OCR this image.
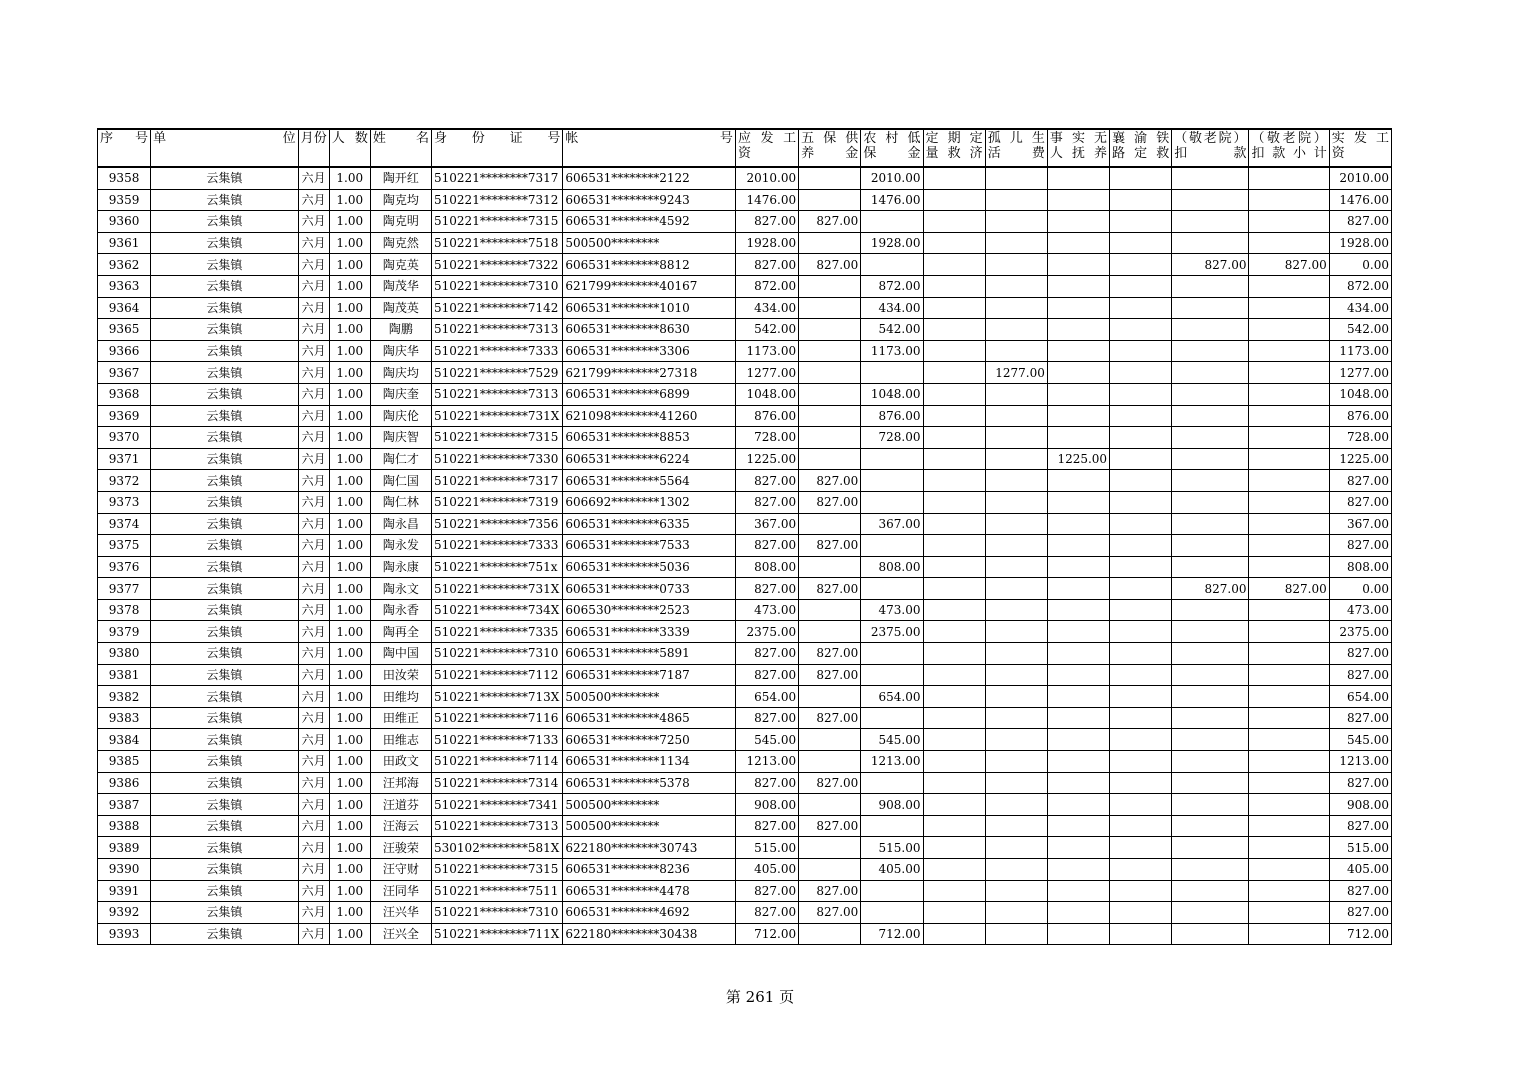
序 号	单 位	月份	人 数	姓 名	身 份 证 号	帐 号	应 发 工 资	五 保 供 养 金	农 村 低 保 金	定 期 定 量 救 济	孤 儿 生 活 费	事 实 无 人 抚 养	襄 渝 铁 路 定 救	（敬老院）扣 款	（敬老院）扣 款 小 计	实 发 工 资
9358	云集镇	六月	1.00	陶开红	510221********7317	606531********2122	2010.00		2010.00							2010.00
9359	云集镇	六月	1.00	陶克均	510221********7312	606531********9243	1476.00		1476.00							1476.00
9360	云集镇	六月	1.00	陶克明	510221********7315	606531********4592	827.00	827.00								827.00
9361	云集镇	六月	1.00	陶克然	510221********7518	500500********	1928.00		1928.00							1928.00
9362	云集镇	六月	1.00	陶克英	510221********7322	606531********8812	827.00	827.00						827.00	827.00	0.00
9363	云集镇	六月	1.00	陶茂华	510221********7310	621799********40167	872.00		872.00							872.00
9364	云集镇	六月	1.00	陶茂英	510221********7142	606531********1010	434.00		434.00							434.00
9365	云集镇	六月	1.00	陶鹏	510221********7313	606531********8630	542.00		542.00							542.00
9366	云集镇	六月	1.00	陶庆华	510221********7333	606531********3306	1173.00		1173.00							1173.00
9367	云集镇	六月	1.00	陶庆均	510221********7529	621799********27318	1277.00				1277.00					1277.00
9368	云集镇	六月	1.00	陶庆奎	510221********7313	606531********6899	1048.00		1048.00							1048.00
9369	云集镇	六月	1.00	陶庆伦	510221********731X	621098********41260	876.00		876.00							876.00
9370	云集镇	六月	1.00	陶庆智	510221********7315	606531********8853	728.00		728.00							728.00
9371	云集镇	六月	1.00	陶仁才	510221********7330	606531********6224	1225.00					1225.00				1225.00
9372	云集镇	六月	1.00	陶仁国	510221********7317	606531********5564	827.00	827.00								827.00
9373	云集镇	六月	1.00	陶仁林	510221********7319	606692********1302	827.00	827.00								827.00
9374	云集镇	六月	1.00	陶永昌	510221********7356	606531********6335	367.00		367.00							367.00
9375	云集镇	六月	1.00	陶永发	510221********7333	606531********7533	827.00	827.00								827.00
9376	云集镇	六月	1.00	陶永康	510221********751x	606531********5036	808.00		808.00							808.00
9377	云集镇	六月	1.00	陶永文	510221********731X	606531********0733	827.00	827.00						827.00	827.00	0.00
9378	云集镇	六月	1.00	陶永香	510221********734X	606530********2523	473.00		473.00							473.00
9379	云集镇	六月	1.00	陶再全	510221********7335	606531********3339	2375.00		2375.00							2375.00
9380	云集镇	六月	1.00	陶中国	510221********7310	606531********5891	827.00	827.00								827.00
9381	云集镇	六月	1.00	田汝荣	510221********7112	606531********7187	827.00	827.00								827.00
9382	云集镇	六月	1.00	田维均	510221********713X	500500********	654.00		654.00							654.00
9383	云集镇	六月	1.00	田维正	510221********7116	606531********4865	827.00	827.00								827.00
9384	云集镇	六月	1.00	田维志	510221********7133	606531********7250	545.00		545.00							545.00
9385	云集镇	六月	1.00	田政文	510221********7114	606531********1134	1213.00		1213.00							1213.00
9386	云集镇	六月	1.00	汪邦海	510221********7314	606531********5378	827.00	827.00								827.00
9387	云集镇	六月	1.00	汪道芬	510221********7341	500500********	908.00		908.00							908.00
9388	云集镇	六月	1.00	汪海云	510221********7313	500500********	827.00	827.00								827.00
9389	云集镇	六月	1.00	汪骏荣	530102********581X	622180********30743	515.00		515.00							515.00
9390	云集镇	六月	1.00	汪守财	510221********7315	606531********8236	405.00		405.00							405.00
9391	云集镇	六月	1.00	汪同华	510221********7511	606531********4478	827.00	827.00								827.00
9392	云集镇	六月	1.00	汪兴华	510221********7310	606531********4692	827.00	827.00								827.00
9393	云集镇	六月	1.00	汪兴全	510221********711X	622180********30438	712.00		712.00							712.00
第 261 页
